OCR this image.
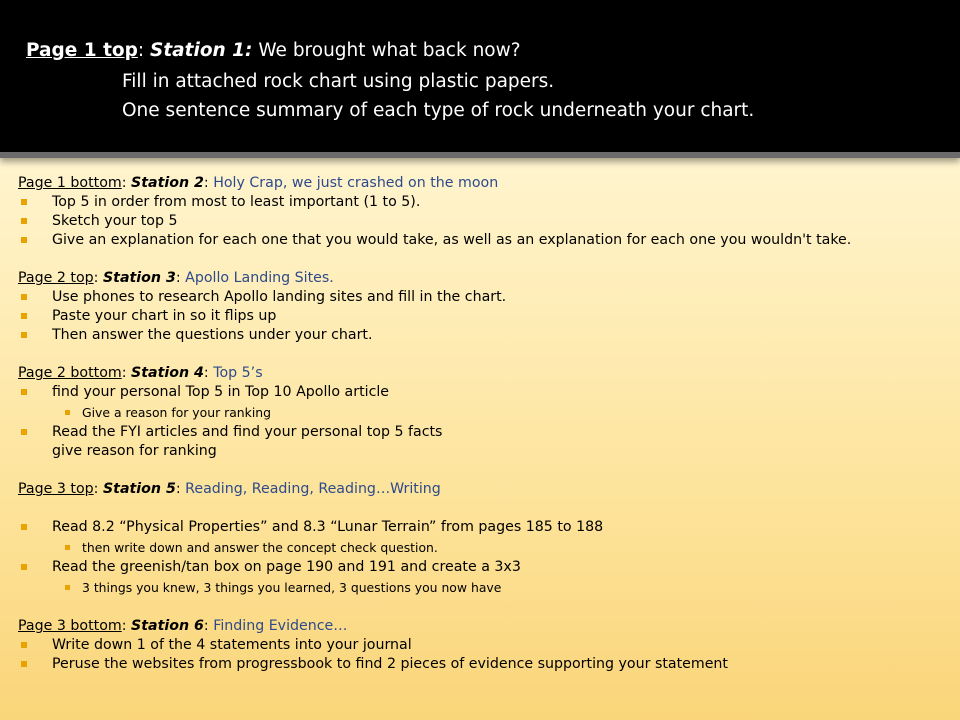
Page 1 top: Station 1: We brought what back now?
Fill in attached rock chart using plastic papers.
One sentence summary of each type of rock underneath your chart.
Page 1 bottom: Station 2: Holy Crap, we just crashed on the moon
Top 5 in order from most to least important (1 to 5).
Sketch your top 5
Give an explanation for each one that you would take, as well as an explanation for each one you wouldn't take.
Page 2 top: Station 3: Apollo Landing Sites.
Use phones to research Apollo landing sites and fill in the chart.
Paste your chart in so it flips up
Then answer the questions under your chart.
Page 2 bottom: Station 4: Top 5’s
find your personal Top 5 in Top 10 Apollo article
Give a reason for your ranking
Read the FYI articles and find your personal top 5 facts
give reason for ranking
Page 3 top: Station 5: Reading, Reading, Reading…Writing
Read 8.2 “Physical Properties” and 8.3 “Lunar Terrain” from pages 185 to 188
then write down and answer the concept check question.
Read the greenish/tan box on page 190 and 191 and create a 3x3
3 things you knew, 3 things you learned, 3 questions you now have
Page 3 bottom: Station 6: Finding Evidence…
Write down 1 of the 4 statements into your journal
Peruse the websites from progressbook to find 2 pieces of evidence supporting your statement
